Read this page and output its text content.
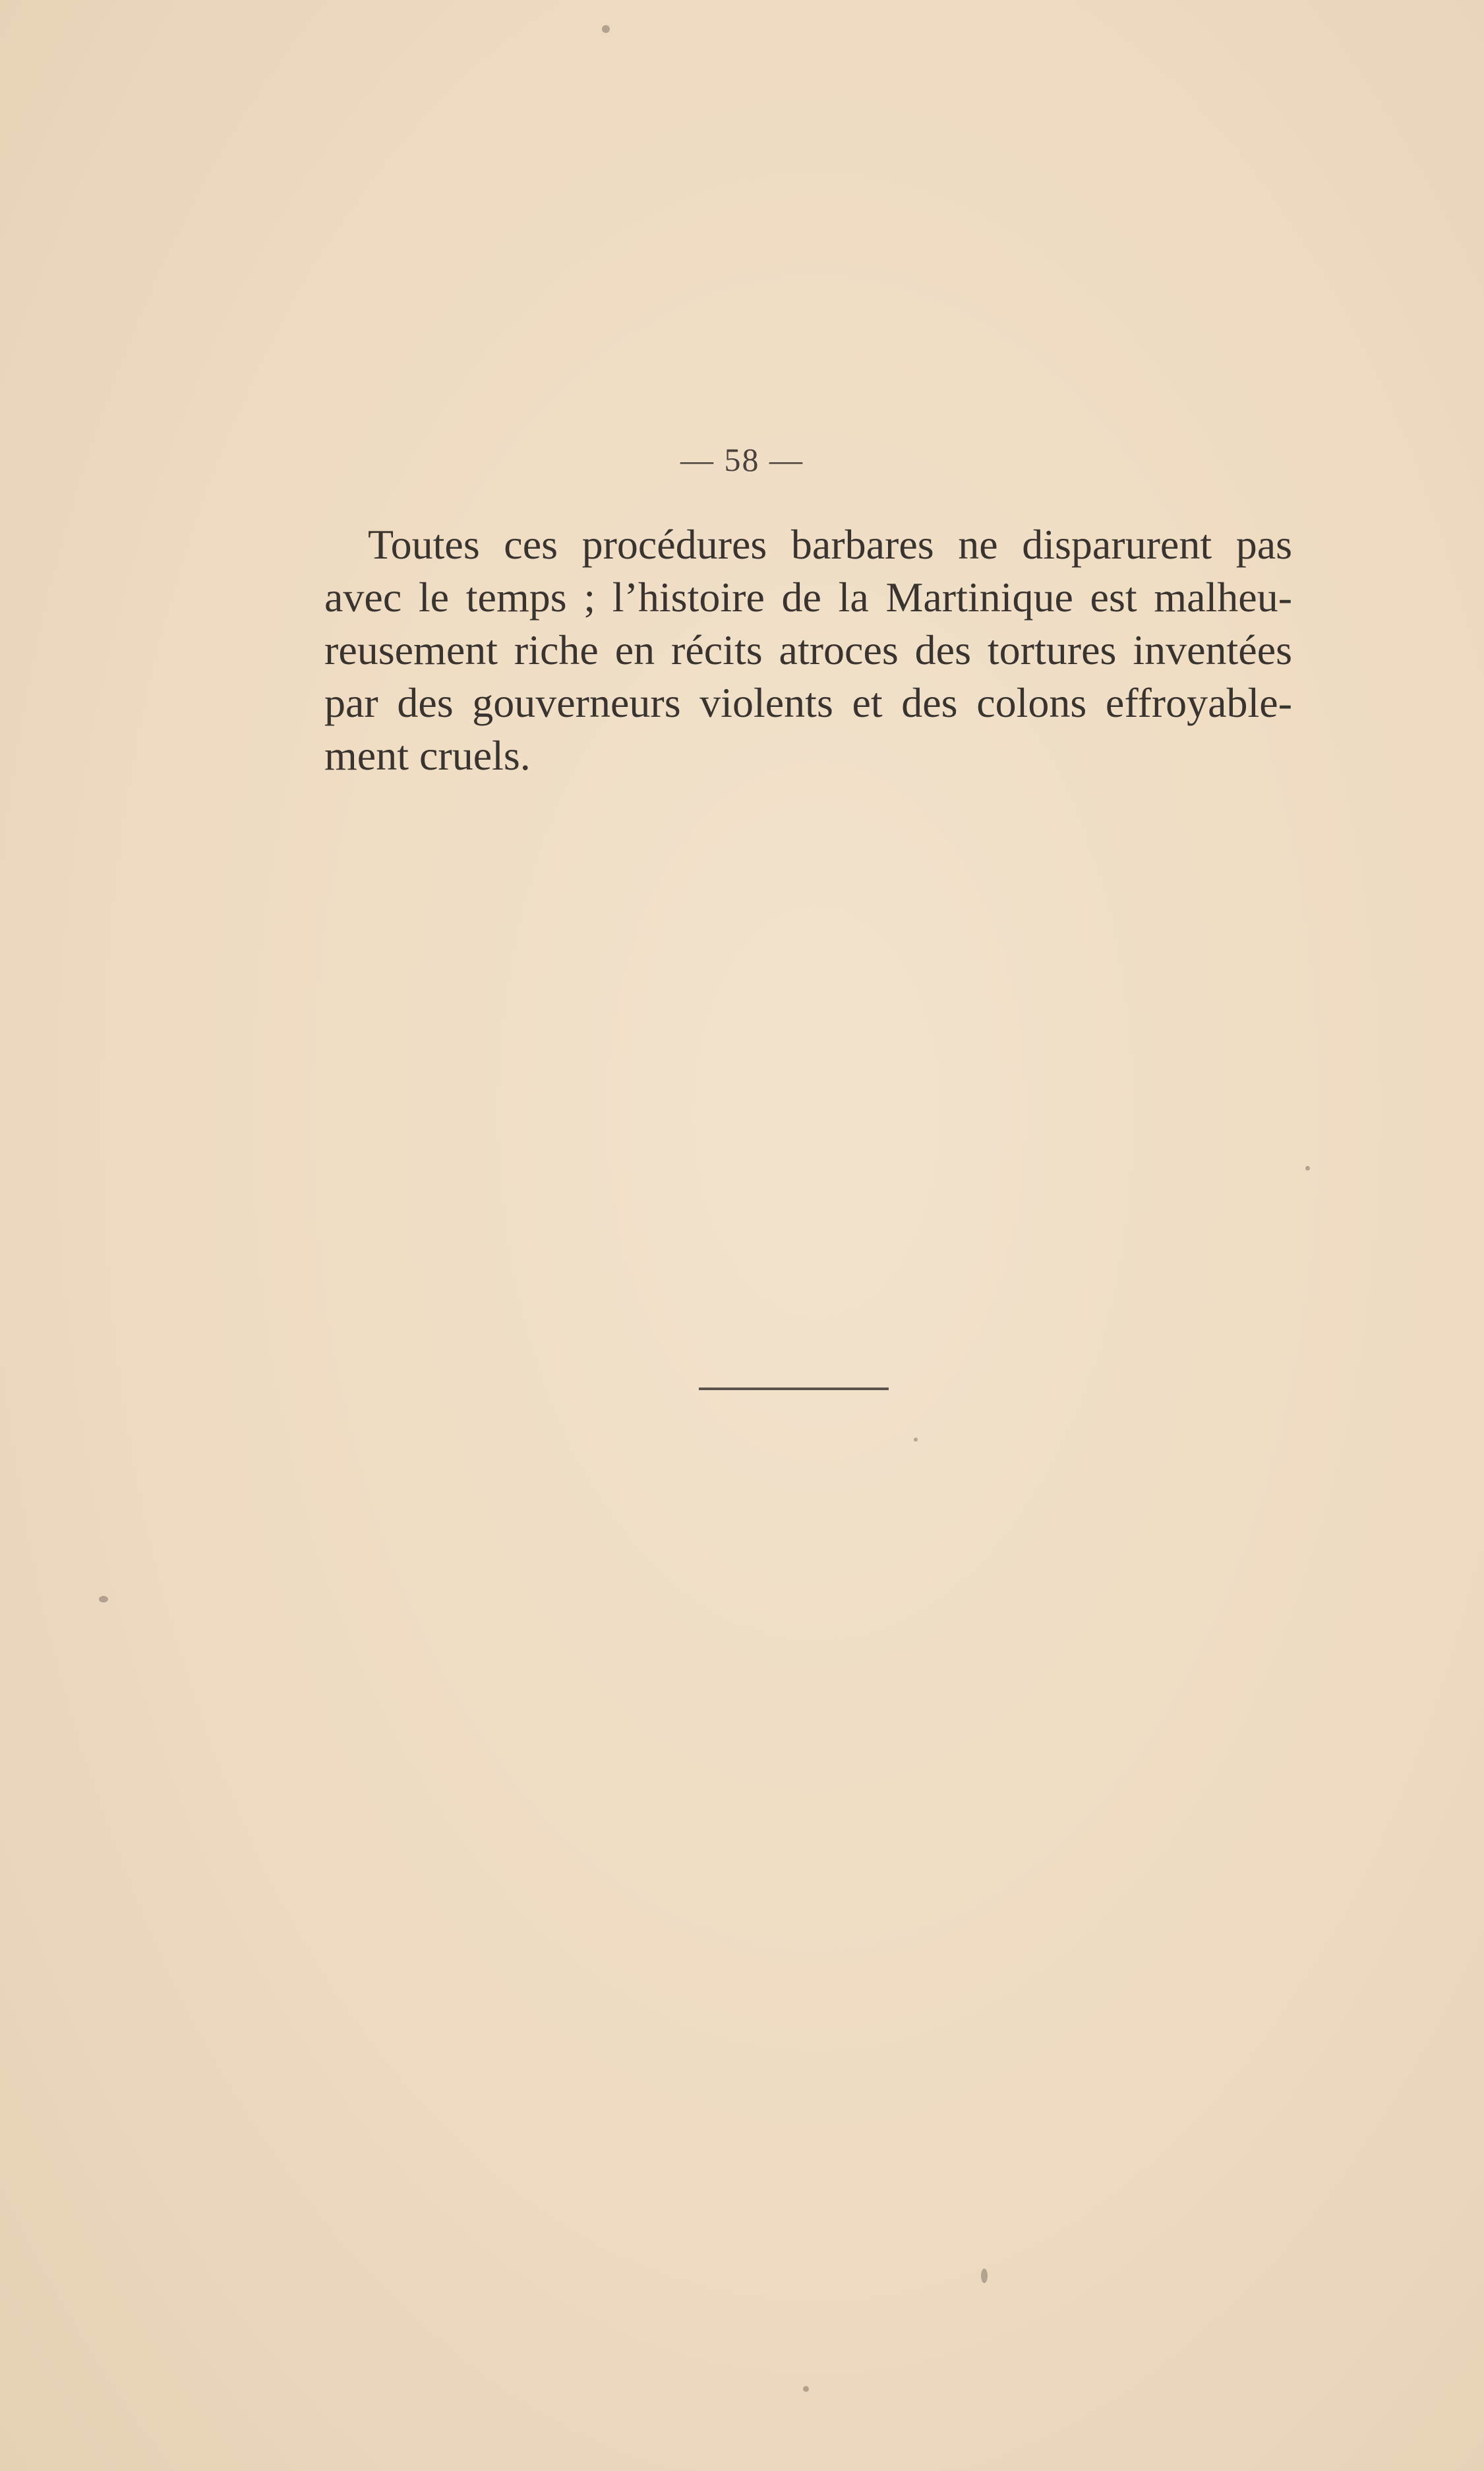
— 58 —

Toutes ces procédures barbares ne disparurent pas avec le temps ; l’histoire de la Martinique est malheureusement riche en récits atroces des tortures inventées par des gouverneurs violents et des colons effroyablement cruels.
